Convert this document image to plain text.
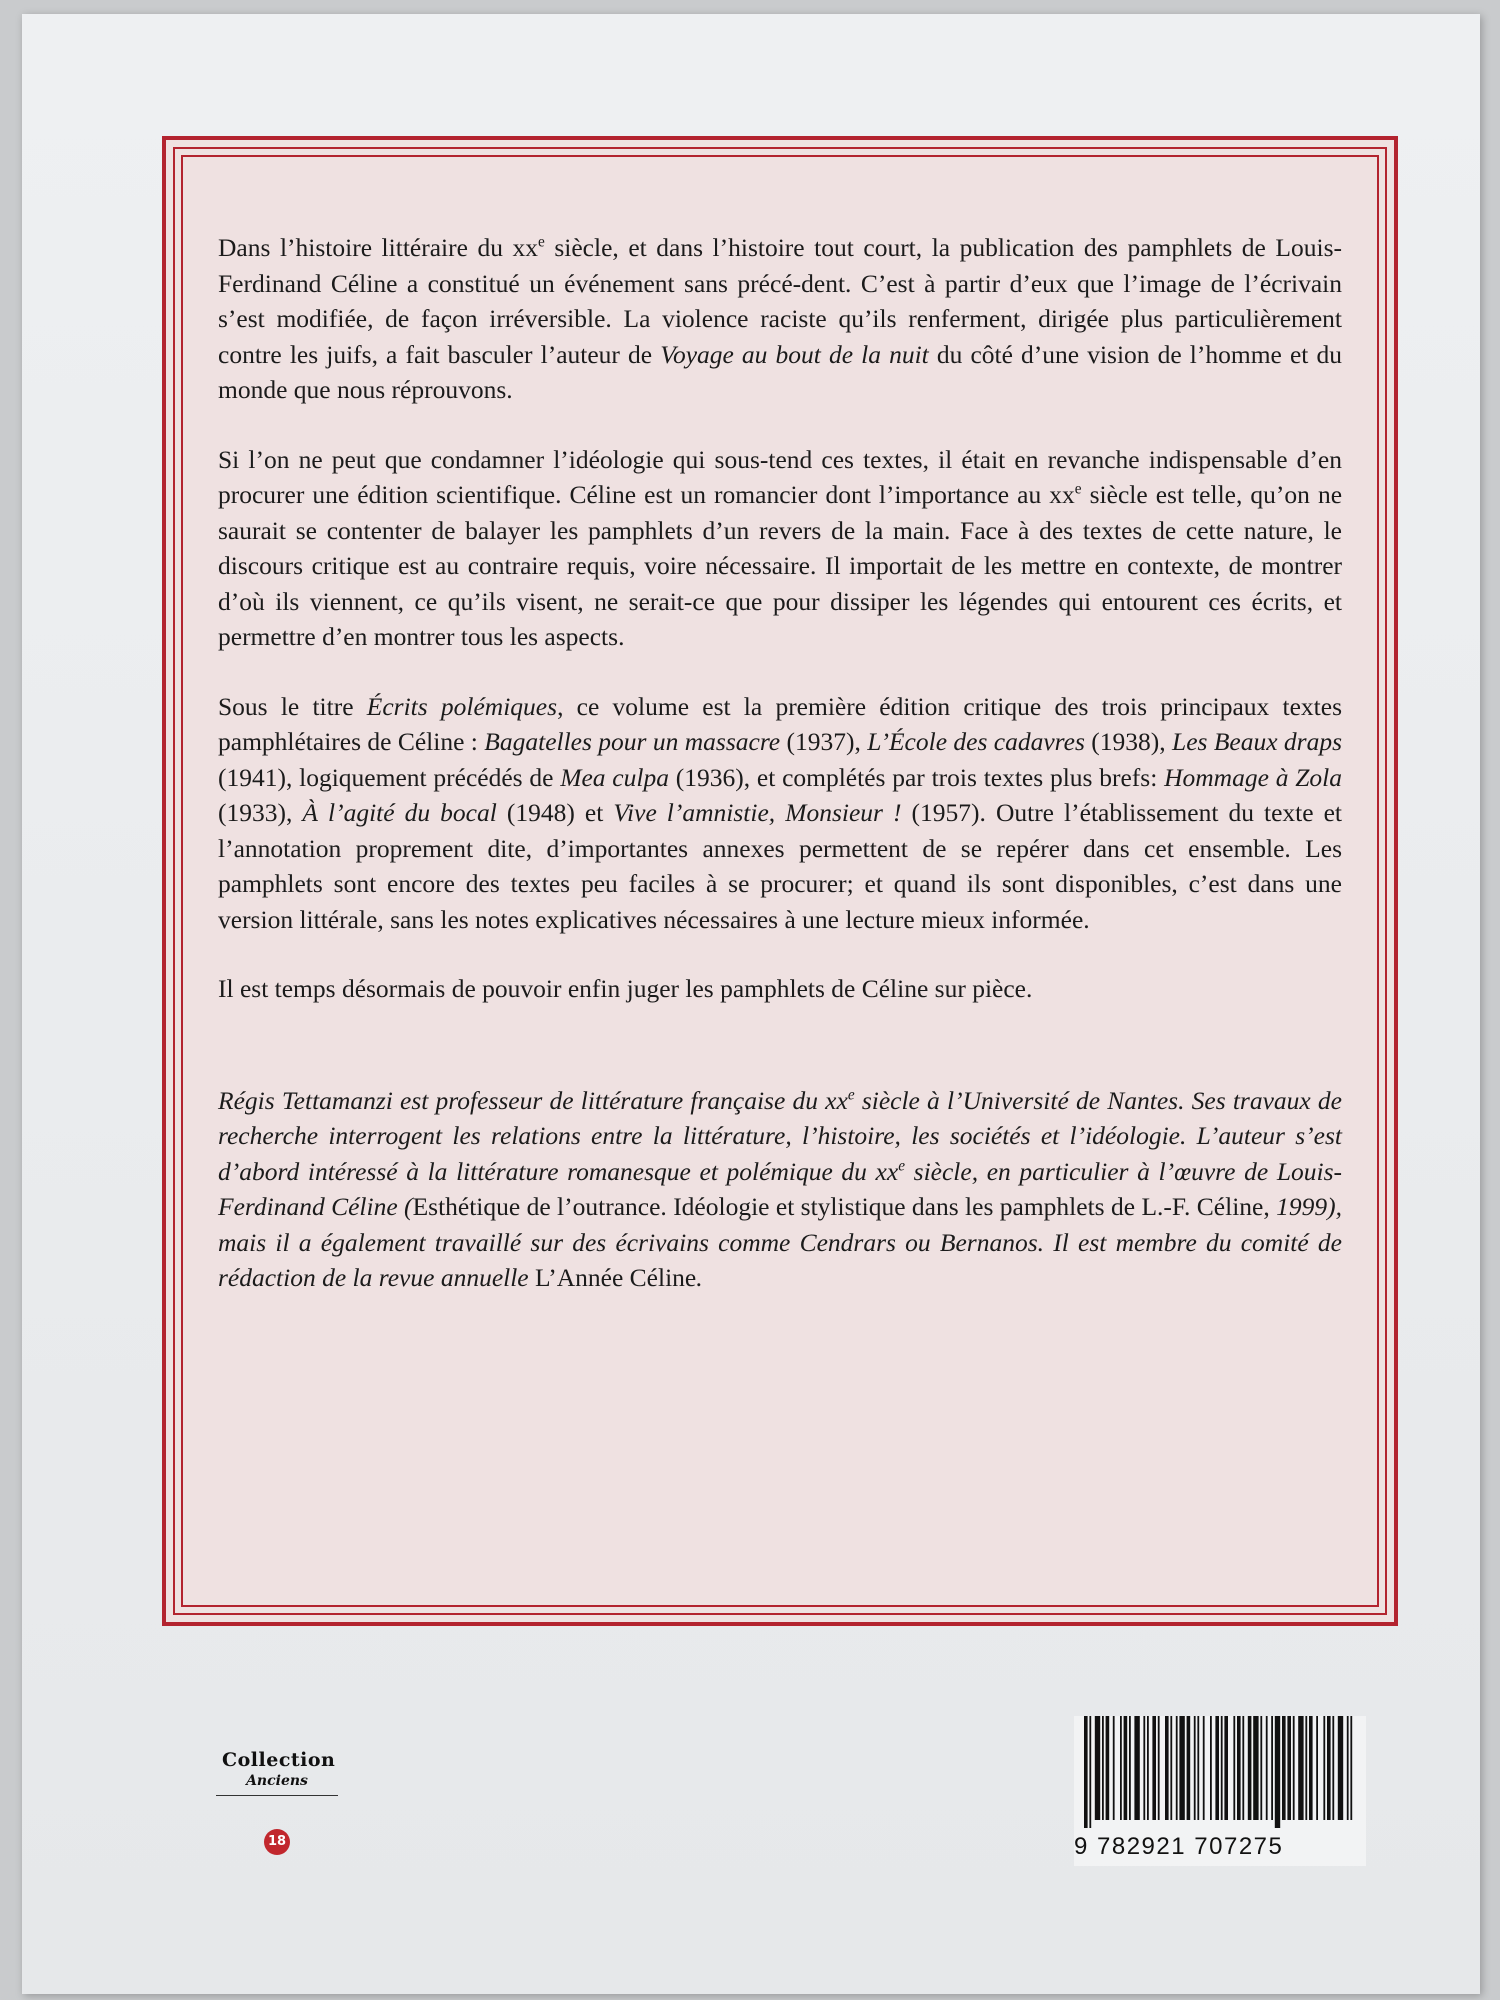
Dans l’histoire littéraire du $xx^e$ siècle, et dans l’histoire tout court, la publication des pamphlets de Louis-Ferdinand Céline a constitué un événement sans précé-dent. C’est à partir d’eux que l’image de l’écrivain s’est modifiée, de façon irréversible. La violence raciste qu’ils renferment, dirigée plus particulièrement contre les juifs, a fait basculer l’auteur de Voyage au bout de la nuit du côté d’une vision de l’homme et du monde que nous réprouvons.

Si l’on ne peut que condamner l’idéologie qui sous-tend ces textes, il était en revanche indispensable d’en procurer une édition scientifique. Céline est un romancier dont l’importance au $xx^e$ siècle est telle, qu’on ne saurait se contenter de balayer les pamphlets d’un revers de la main. Face à des textes de cette nature, le discours critique est au contraire requis, voire nécessaire. Il importait de les mettre en contexte, de montrer d’où ils viennent, ce qu’ils visent, ne serait-ce que pour dissiper les légendes qui entourent ces écrits, et permettre d’en montrer tous les aspects.

Sous le titre Écrits polémiques, ce volume est la première édition critique des trois principaux textes pamphlétaires de Céline : Bagatelles pour un massacre (1937), L’École des cadavres (1938), Les Beaux draps (1941), logiquement précédés de Mea culpa (1936), et complétés par trois textes plus brefs: Hommage à Zola (1933), À l’agité du bocal (1948) et Vive l’amnistie, Monsieur ! (1957). Outre l’établissement du texte et l’annotation proprement dite, d’importantes annexes permettent de se repérer dans cet ensemble. Les pamphlets sont encore des textes peu faciles à se procurer; et quand ils sont disponibles, c’est dans une version littérale, sans les notes explicatives nécessaires à une lecture mieux informée.

Il est temps désormais de pouvoir enfin juger les pamphlets de Céline sur pièce.

Régis Tettamanzi est professeur de littérature française du $xx^e$ siècle à l’Université de Nantes. Ses travaux de recherche interrogent les relations entre la littérature, l’histoire, les sociétés et l’idéologie. L’auteur s’est d’abord intéressé à la littérature romanesque et polémique du $xx^e$ siècle, en particulier à l’œuvre de Louis-Ferdinand Céline (Esthétique de l’outrance. Idéologie et stylistique dans les pamphlets de L.-F. Céline, 1999), mais il a également travaillé sur des écrivains comme Cendrars ou Bernanos. Il est membre du comité de rédaction de la revue annuelle L’Année Céline.

Collection
Anciens
18	9 782921 707275
